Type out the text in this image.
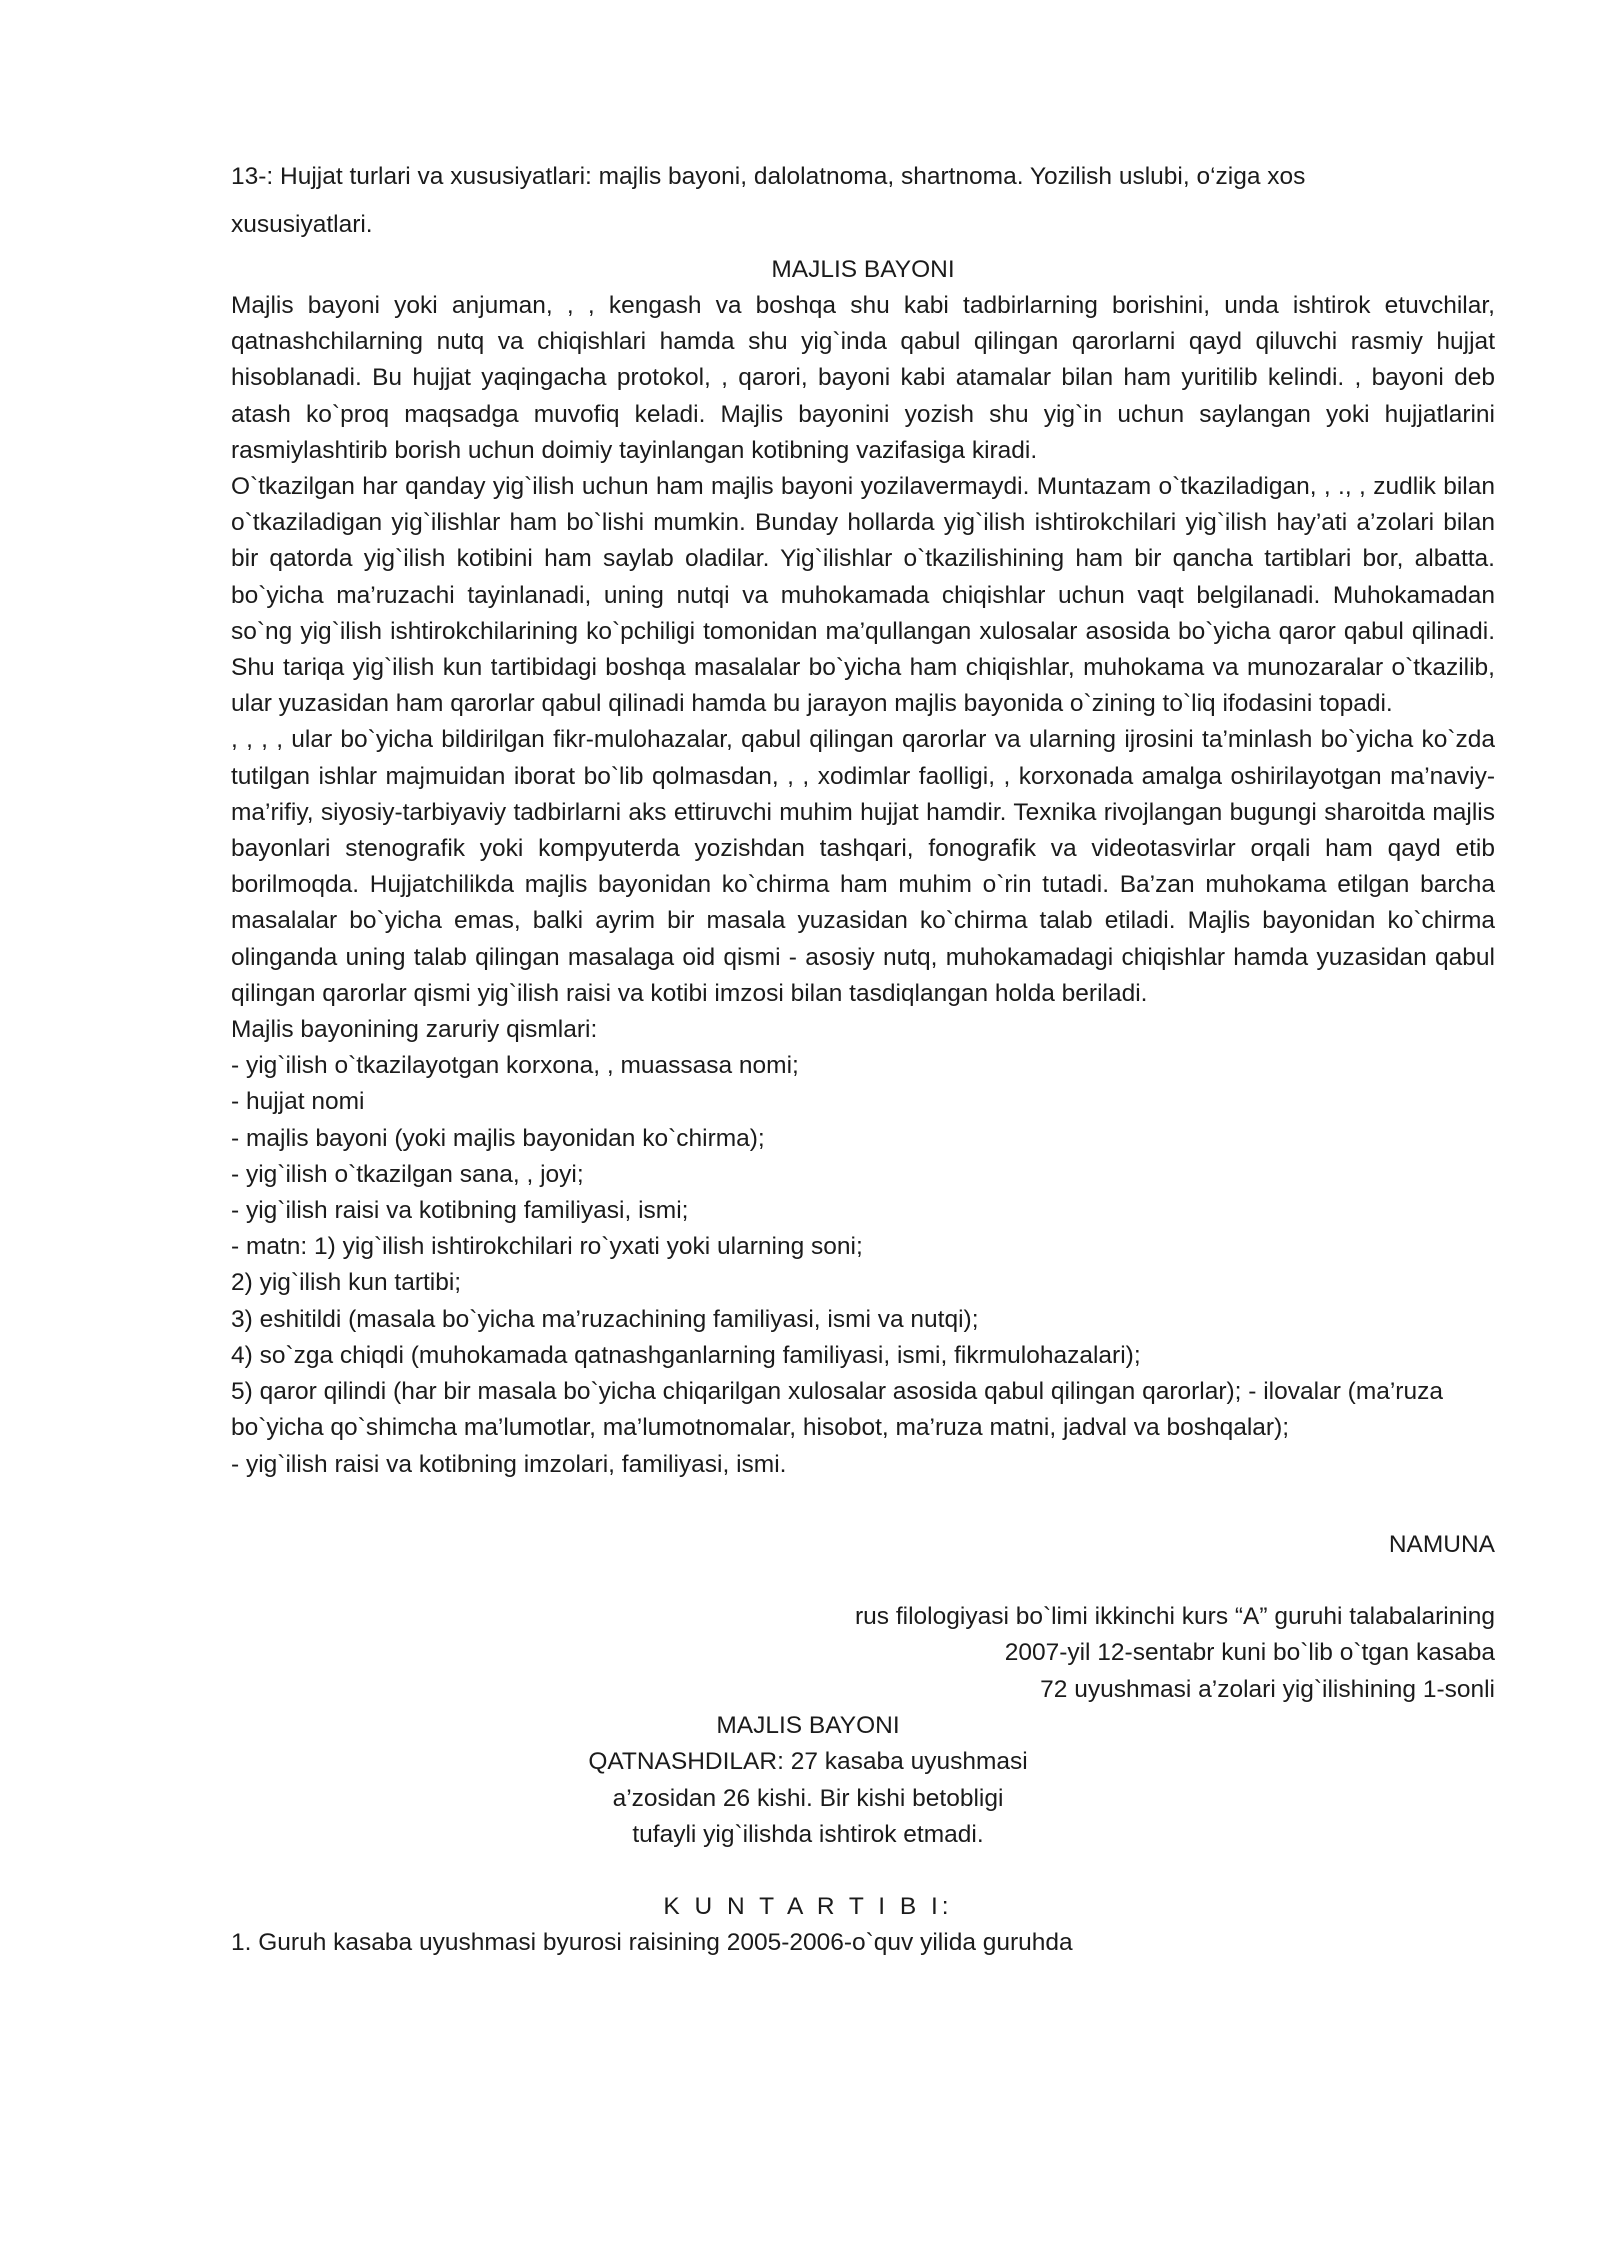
13-: Hujjat turlari va xususiyatlari: majlis bayoni, dalolatnoma, shartnoma. Yozilish uslubi, o‘ziga xos

xususiyatlari.

MAJLIS BAYONI

Majlis bayoni yoki anjuman, , , kengash va boshqa shu kabi tadbirlarning borishini, unda ishtirok etuvchilar, qatnashchilarning nutq va chiqishlari hamda shu yig`inda qabul qilingan qarorlarni qayd qiluvchi rasmiy hujjat hisoblanadi. Bu hujjat yaqingacha protokol, , qarori, bayoni kabi atamalar bilan ham yuritilib kelindi. , bayoni deb atash ko`proq maqsadga muvofiq keladi. Majlis bayonini yozish shu yig`in uchun saylangan yoki hujjatlarini rasmiylashtirib borish uchun doimiy tayinlangan kotibning vazifasiga kiradi.

O`tkazilgan har qanday yig`ilish uchun ham majlis bayoni yozilavermaydi. Muntazam o`tkaziladigan, , ., , zudlik bilan o`tkaziladigan yig`ilishlar ham bo`lishi mumkin. Bunday hollarda yig`ilish ishtirokchilari yig`ilish hay’ati a’zolari bilan bir qatorda yig`ilish kotibini ham saylab oladilar. Yig`ilishlar o`tkazilishining ham bir qancha tartiblari bor, albatta. bo`yicha ma’ruzachi tayinlanadi, uning nutqi va muhokamada chiqishlar uchun vaqt belgilanadi. Muhokamadan so`ng yig`ilish ishtirokchilarining ko`pchiligi tomonidan ma’qullangan xulosalar asosida bo`yicha qaror qabul qilinadi. Shu tariqa yig`ilish kun tartibidagi boshqa masalalar bo`yicha ham chiqishlar, muhokama va munozaralar o`tkazilib, ular yuzasidan ham qarorlar qabul qilinadi hamda bu jarayon majlis bayonida o`zining to`liq ifodasini topadi.

, , , , ular bo`yicha bildirilgan fikr-mulohazalar, qabul qilingan qarorlar va ularning ijrosini ta’minlash bo`yicha ko`zda tutilgan ishlar majmuidan iborat bo`lib qolmasdan, , , xodimlar faolligi, , korxonada amalga oshirilayotgan ma’naviy-ma’rifiy, siyosiy-tarbiyaviy tadbirlarni aks ettiruvchi muhim hujjat hamdir. Texnika rivojlangan bugungi sharoitda majlis bayonlari stenografik yoki kompyuterda yozishdan tashqari, fonografik va videotasvirlar orqali ham qayd etib borilmoqda. Hujjatchilikda majlis bayonidan ko`chirma ham muhim o`rin tutadi. Ba’zan muhokama etilgan barcha masalalar bo`yicha emas, balki ayrim bir masala yuzasidan ko`chirma talab etiladi. Majlis bayonidan ko`chirma olinganda uning talab qilingan masalaga oid qismi - asosiy nutq, muhokamadagi chiqishlar hamda yuzasidan qabul qilingan qarorlar qismi yig`ilish raisi va kotibi imzosi bilan tasdiqlangan holda beriladi.

Majlis bayonining zaruriy qismlari:
- yig`ilish o`tkazilayotgan korxona, , muassasa nomi;
- hujjat nomi
- majlis bayoni (yoki majlis bayonidan ko`chirma);
- yig`ilish o`tkazilgan sana, , joyi;
- yig`ilish raisi va kotibning familiyasi, ismi;
- matn: 1) yig`ilish ishtirokchilari ro`yxati yoki ularning soni;
2) yig`ilish kun tartibi;
3) eshitildi (masala bo`yicha ma’ruzachining familiyasi, ismi va nutqi);
4) so`zga chiqdi (muhokamada qatnashganlarning familiyasi, ismi, fikrmulohazalari);
5) qaror qilindi (har bir masala bo`yicha chiqarilgan xulosalar asosida qabul qilingan qarorlar); - ilovalar (ma’ruza bo`yicha qo`shimcha ma’lumotlar, ma’lumotnomalar, hisobot, ma’ruza matni, jadval va boshqalar);
- yig`ilish raisi va kotibning imzolari, familiyasi, ismi.

NAMUNA

rus filologiyasi bo`limi ikkinchi kurs “A” guruhi talabalarining

2007-yil 12-sentabr kuni bo`lib o`tgan kasaba

72 uyushmasi a’zolari yig`ilishining 1-sonli

MAJLIS BAYONI

QATNASHDILAR: 27 kasaba uyushmasi

a’zosidan 26 kishi. Bir kishi betobligi

tufayli yig`ilishda ishtirok etmadi.

K U N T A R T I B I:

1. Guruh kasaba uyushmasi byurosi raisining 2005-2006-o`quv yilida guruhda
